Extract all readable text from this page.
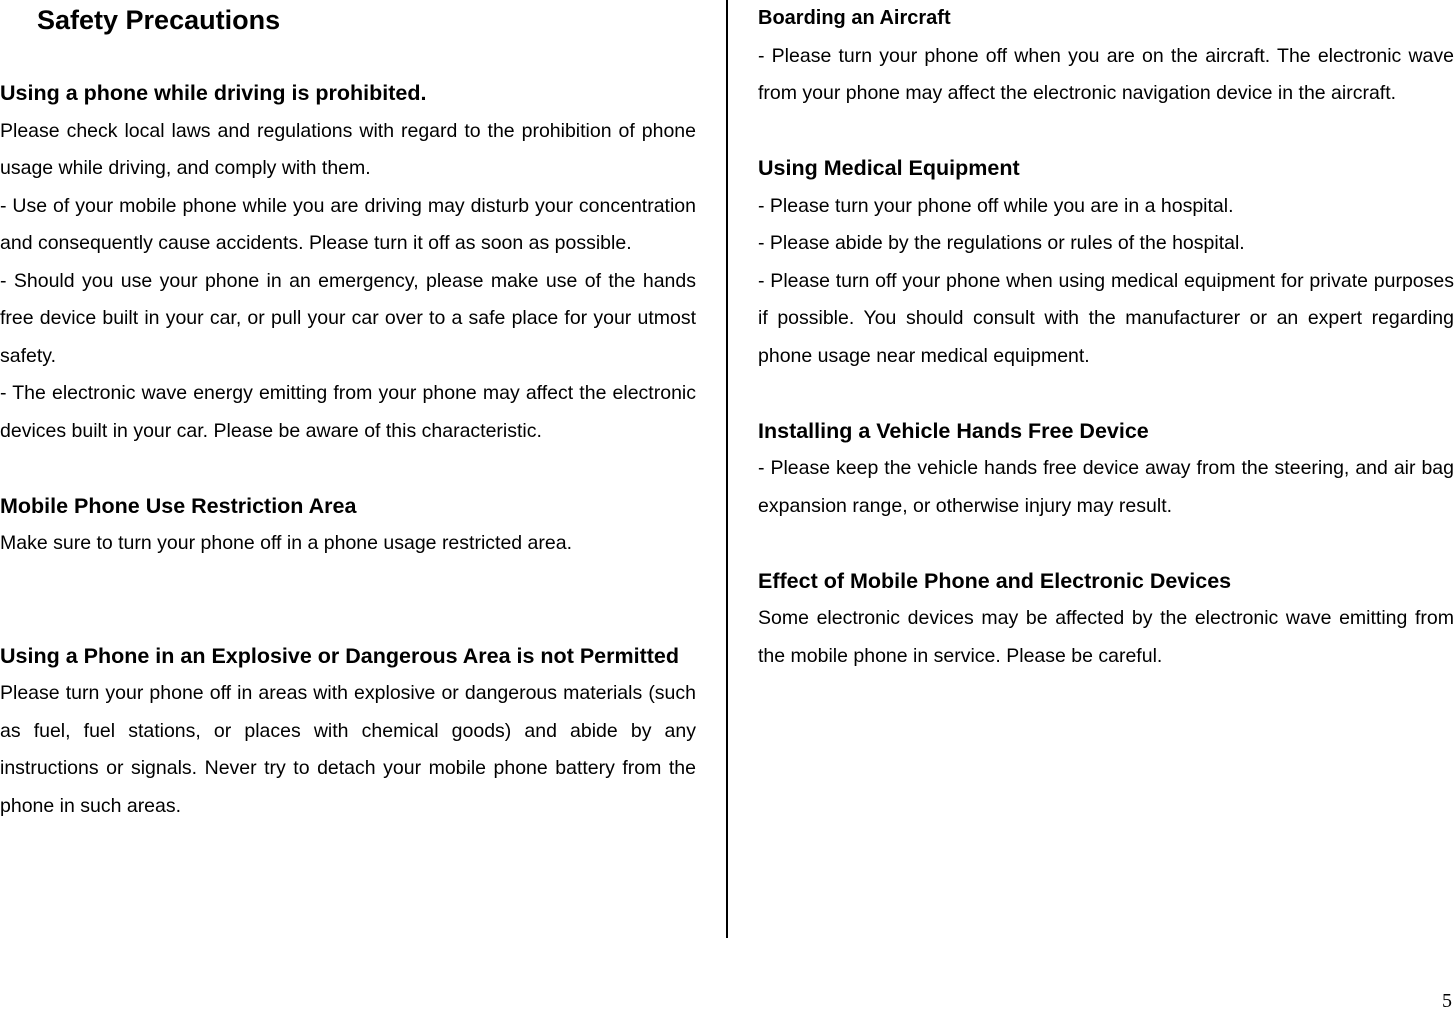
Safety Precautions

Using a phone while driving is prohibited.

Please check local laws and regulations with regard to the prohibition of phone usage while driving, and comply with them.

- Use of your mobile phone while you are driving may disturb your concentration and consequently cause accidents. Please turn it off as soon as possible.

- Should you use your phone in an emergency, please make use of the hands free device built in your car, or pull your car over to a safe place for your utmost safety.

- The electronic wave energy emitting from your phone may affect the electronic devices built in your car. Please be aware of this characteristic.

Mobile Phone Use Restriction Area

Make sure to turn your phone off in a phone usage restricted area.

Using a Phone in an Explosive or Dangerous Area is not Permitted

Please turn your phone off in areas with explosive or dangerous materials (such as fuel, fuel stations, or places with chemical goods) and abide by any instructions or signals. Never try to detach your mobile phone battery from the phone in such areas.

Boarding an Aircraft

- Please turn your phone off when you are on the aircraft. The electronic wave from your phone may affect the electronic navigation device in the aircraft.

Using Medical Equipment

- Please turn your phone off while you are in a hospital.

- Please abide by the regulations or rules of the hospital.

- Please turn off your phone when using medical equipment for private purposes if possible. You should consult with the manufacturer or an expert regarding phone usage near medical equipment.

Installing a Vehicle Hands Free Device

- Please keep the vehicle hands free device away from the steering, and air bag expansion range, or otherwise injury may result.

Effect of Mobile Phone and Electronic Devices

Some electronic devices may be affected by the electronic wave emitting from the mobile phone in service. Please be careful.

5
